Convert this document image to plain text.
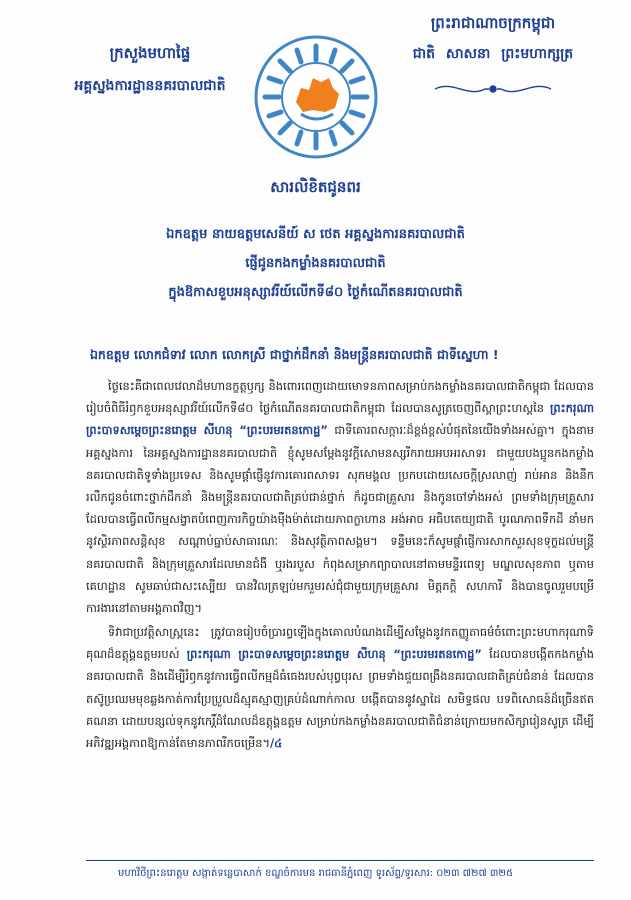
ក្រសួងមហាផ្ទៃ
អគ្គស្នងការដ្ឋាននគរបាលជាតិ
ព្រះរាជាណាចក្រកម្ពុជា
ជាតិ សាសនា ព្រះមហាក្សត្រ
សារលិខិតជូនពរ
ឯកឧត្តម នាយឧត្តមសេនីយ៍ ស ថេត អគ្គស្នងការនគរបាលជាតិ
ផ្ញើជូនកងកម្លាំងនគរបាលជាតិ
ក្នុងឱកាសខួបអនុស្សាវរីយ៍លើកទី៨០ ថ្ងៃកំណើតនគរបាលជាតិ
ឯកឧត្តម លោកជំទាវ លោក លោកស្រី ជាថ្នាក់ដឹកនាំ និងមន្រ្តីនគរបាលជាតិ ជាទីស្នេហា !
ថ្ងៃនេះគឺជាពេលវេលាដ៏មហានក្ខត្តឫក្ស និងពោរពេញដោយមោទនភាពសម្រាប់កងកម្លាំងនគរបាលជាតិកម្ពុជា ដែលបានរៀបចំពិធីរំឭកខួបអនុស្សាវរីយ៍លើកទី៨០ ថ្ងៃកំណើតនគរបាលជាតិកម្ពុជា ដែលបានសូត្រចេញពីស្ពាព្រះហស្តនៃ ព្រះករុណា ព្រះបាទសម្តេចព្រះនរោត្តម សីហនុ “ព្រះបរមរតនកោដ្ឋ” ជាទីគោរពសក្ការៈដ៏ខ្ពង់ខ្ពស់បំផុតនៃយើងទាំងអស់គ្នា។ ក្នុងនាមអគ្គស្នងការ នៃអគ្គស្នងការដ្ឋាននគរបាលជាតិ ខ្ញុំសូមសម្តែងនូវក្តីសោមនស្សរីករាយអបអរសាទរ ជាមួយបងប្អូនកងកម្លាំងនគរបាលជាតិទូទាំងប្រទេស និងសូមផ្តាំផ្ញើនូវការគោរពសាទរ សុភមង្គល ប្រកបដោយសេចក្តីស្រលាញ់ រាប់អាន និងនឹករលឹកជូនចំពោះថ្នាក់ដឹកនាំ និងមន្ត្រីនគរបាលជាតិគ្រប់ជាន់ថ្នាក់ ក៏ដូចជាគ្រួសារ និងកូនចៅទាំងអស់ ព្រមទាំងក្រុមគ្រួសារ ដែលបានធ្វើពលីកម្មសង្វាតបំពេញភារកិច្ចយ៉ាងម៉ឺងម៉ាត់ដោយភាពក្លាហាន អង់អាច អធិបតេយ្យជាតិ បូរណភាពទឹកដី នាំមកនូវស្ថិរភាពសន្តិសុខ សណ្តាប់ធ្នាប់សាធារណៈ និងសុវត្ថិភាពសង្គម។ ទន្ទឹមនេះក៏សូមផ្តាំផ្ញើការសាកសួរសុខទុក្ខដល់មន្ត្រីនគរបាលជាតិ និងក្រុមគ្រួសារដែលមានជំងឺ ឬរងរបួស កំពុងសម្រាកព្យាបាលនៅតាមមន្ទីរពេទ្យ មណ្ឌលសុខភាព ឬតាមគេហដ្ឋាន សូមឆាប់ជាសះស្បើយ បានវិលត្រឡប់មករួមរស់ជុំជាមួយក្រុមគ្រួសារ មិត្តភក្តិ សហការី និងបានចូលរួមបម្រើការងារនៅតាមអង្គភាពវិញ។
ទិវាជាប្រវត្តិសាស្រ្តនេះ ត្រូវបានរៀបចំប្រារព្ធឡើងក្នុងគោលបំណងដើម្បីសម្តែងនូវកតញ្ញូតាធម៌ចំពោះព្រះមហាករុណាទិគុណដ៏ឧត្តុង្គឧត្តមរបស់ ព្រះករុណា ព្រះបាទសម្តេចព្រះនរោត្តម សីហនុ “ព្រះបរមរតនកោដ្ឋ” ដែលបានបង្កើតកងកម្លាំងនគរបាលជាតិ និងដើម្បីរំឭកនូវការធ្វើពលីកម្មដ៏ធំធេងរបស់បុព្វបុរស ព្រមទាំងជួយពង្រឹងនគរបាលជាតិគ្រប់ជំនាន់ ដែលបានតស៊ូប្រឈមមុខឆ្លងកាត់ការប្រែប្រួលដ៏ស្មុគស្មាញគ្រប់ដំណាក់កាល បង្កើតបាននូវស្នាដៃ សមិទ្ធផល បទពិសោធន៍ដ៏ច្រើនឥតគណនា ដោយបន្សល់ទុកនូវកេរ្តិ៍ដំណែលដ៏ឧត្តុង្គឧត្តម សម្រាប់កងកម្លាំងនគរបាលជាតិជំនាន់ក្រោយមកសិក្សារៀនសូត្រ ដើម្បីអភិវឌ្ឍអង្គភាពឱ្យកាន់តែមានភាពរីកចម្រើន។/៤
មហាវិថីព្រះនរោត្តម សង្កាត់ទន្លេបាសាក់ ខណ្ឌចំការមន រាជធានីភ្នំពេញ ទូរស័ព្ទ/ទូរសារ: ០២៣ ៧២៧ ៣២៥
